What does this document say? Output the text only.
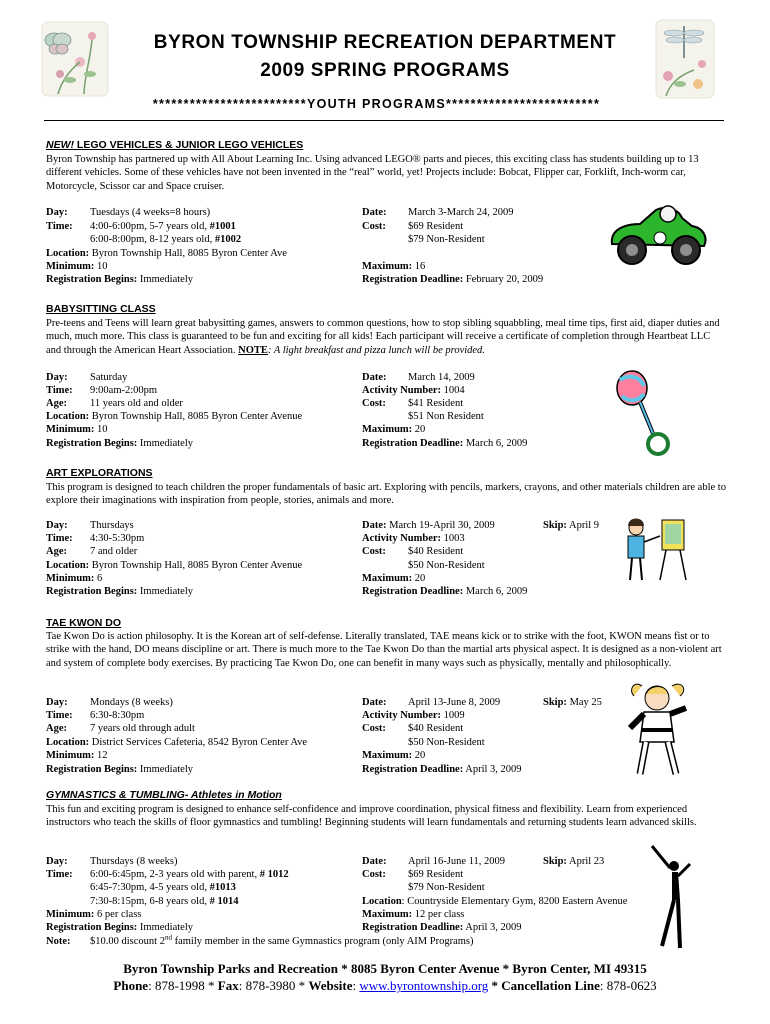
BYRON TOWNSHIP RECREATION DEPARTMENT
2009 SPRING PROGRAMS
*************************YOUTH PROGRAMS*************************
NEW! LEGO VEHICLES & JUNIOR LEGO VEHICLES
Byron Township has partnered up with All About Learning Inc. Using advanced LEGO® parts and pieces, this exciting class has students building up to 13 different vehicles. Some of these vehicles have not been invented in the “real” world, yet! Projects include: Bobcat, Flipper car, Forklift, Inch-worm car, Motorcycle, Scissor car and Space cruiser.
Day: Tuesdays (4 weeks=8 hours)
Time: 4:00-6:00pm, 5-7 years old, #1001
6:00-8:00pm, 8-12 years old, #1002
Location: Byron Township Hall, 8085 Byron Center Ave
Minimum: 10
Registration Begins: Immediately
Date: March 3-March 24, 2009
Cost: $69 Resident
$79 Non-Resident
Maximum: 16
Registration Deadline: February 20, 2009
BABYSITTING CLASS
Pre-teens and Teens will learn great babysitting games, answers to common questions, how to stop sibling squabbling, meal time tips, first aid, diaper duties and much, much more. This class is guaranteed to be fun and exciting for all kids! Each participant will receive a certificate of completion through Heartbeat LLC and through the American Heart Association. NOTE: A light breakfast and pizza lunch will be provided.
Day: Saturday
Time: 9:00am-2:00pm
Age: 11 years old and older
Location: Byron Township Hall, 8085 Byron Center Avenue
Minimum: 10
Registration Begins: Immediately
Date: March 14, 2009
Activity Number: 1004
Cost: $41 Resident
$51 Non Resident
Maximum: 20
Registration Deadline: March 6, 2009
ART EXPLORATIONS
This program is designed to teach children the proper fundamentals of basic art. Exploring with pencils, markers, crayons, and other materials children are able to explore their imaginations with inspiration from people, stories, animals and more.
Day: Thursdays
Time: 4:30-5:30pm
Age: 7 and older
Location: Byron Township Hall, 8085 Byron Center Avenue
Minimum: 6
Registration Begins: Immediately
Date: March 19-April 30, 2009	Skip: April 9
Activity Number: 1003
Cost: $40 Resident
$50 Non-Resident
Maximum: 20
Registration Deadline: March 6, 2009
TAE KWON DO
Tae Kwon Do is action philosophy. It is the Korean art of self-defense. Literally translated, TAE means kick or to strike with the foot, KWON means fist or to strike with the hand, DO means discipline or art. There is much more to the Tae Kwon Do than the martial arts physical aspect. It is designed as a non-violent art and system of complete body exercises. By practicing Tae Kwon Do, one can benefit in many ways such as physically, mentally and philosophically.
Day: Mondays (8 weeks)
Time: 6:30-8:30pm
Age: 7 years old through adult
Location: District Services Cafeteria, 8542 Byron Center Ave
Minimum: 12
Registration Begins: Immediately
Date: April 13-June 8, 2009	Skip: May 25
Activity Number: 1009
Cost: $40 Resident
$50 Non-Resident
Maximum: 20
Registration Deadline: April 3, 2009
GYMNASTICS & TUMBLING- Athletes in Motion
This fun and exciting program is designed to enhance self-confidence and improve coordination, physical fitness and flexibility. Learn from experienced instructors who teach the skills of floor gymnastics and tumbling! Beginning students will learn fundamentals and returning students learn advanced skills.
Day: Thursdays (8 weeks)
Time: 6:00-6:45pm, 2-3 years old with parent, # 1012
6:45-7:30pm, 4-5 years old, #1013
7:30-8:15pm, 6-8 years old, # 1014
Minimum: 6 per class
Registration Begins: Immediately
Note: $10.00 discount 2nd family member in the same Gymnastics program (only AIM Programs)
Date: April 16-June 11, 2009	Skip: April 23
Cost: $69 Resident
$79 Non-Resident
Location: Countryside Elementary Gym, 8200 Eastern Avenue
Maximum: 12 per class
Registration Deadline: April 3, 2009
Byron Township Parks and Recreation * 8085 Byron Center Avenue * Byron Center, MI 49315
Phone: 878-1998 * Fax: 878-3980 * Website: www.byrontownship.org * Cancellation Line: 878-0623
